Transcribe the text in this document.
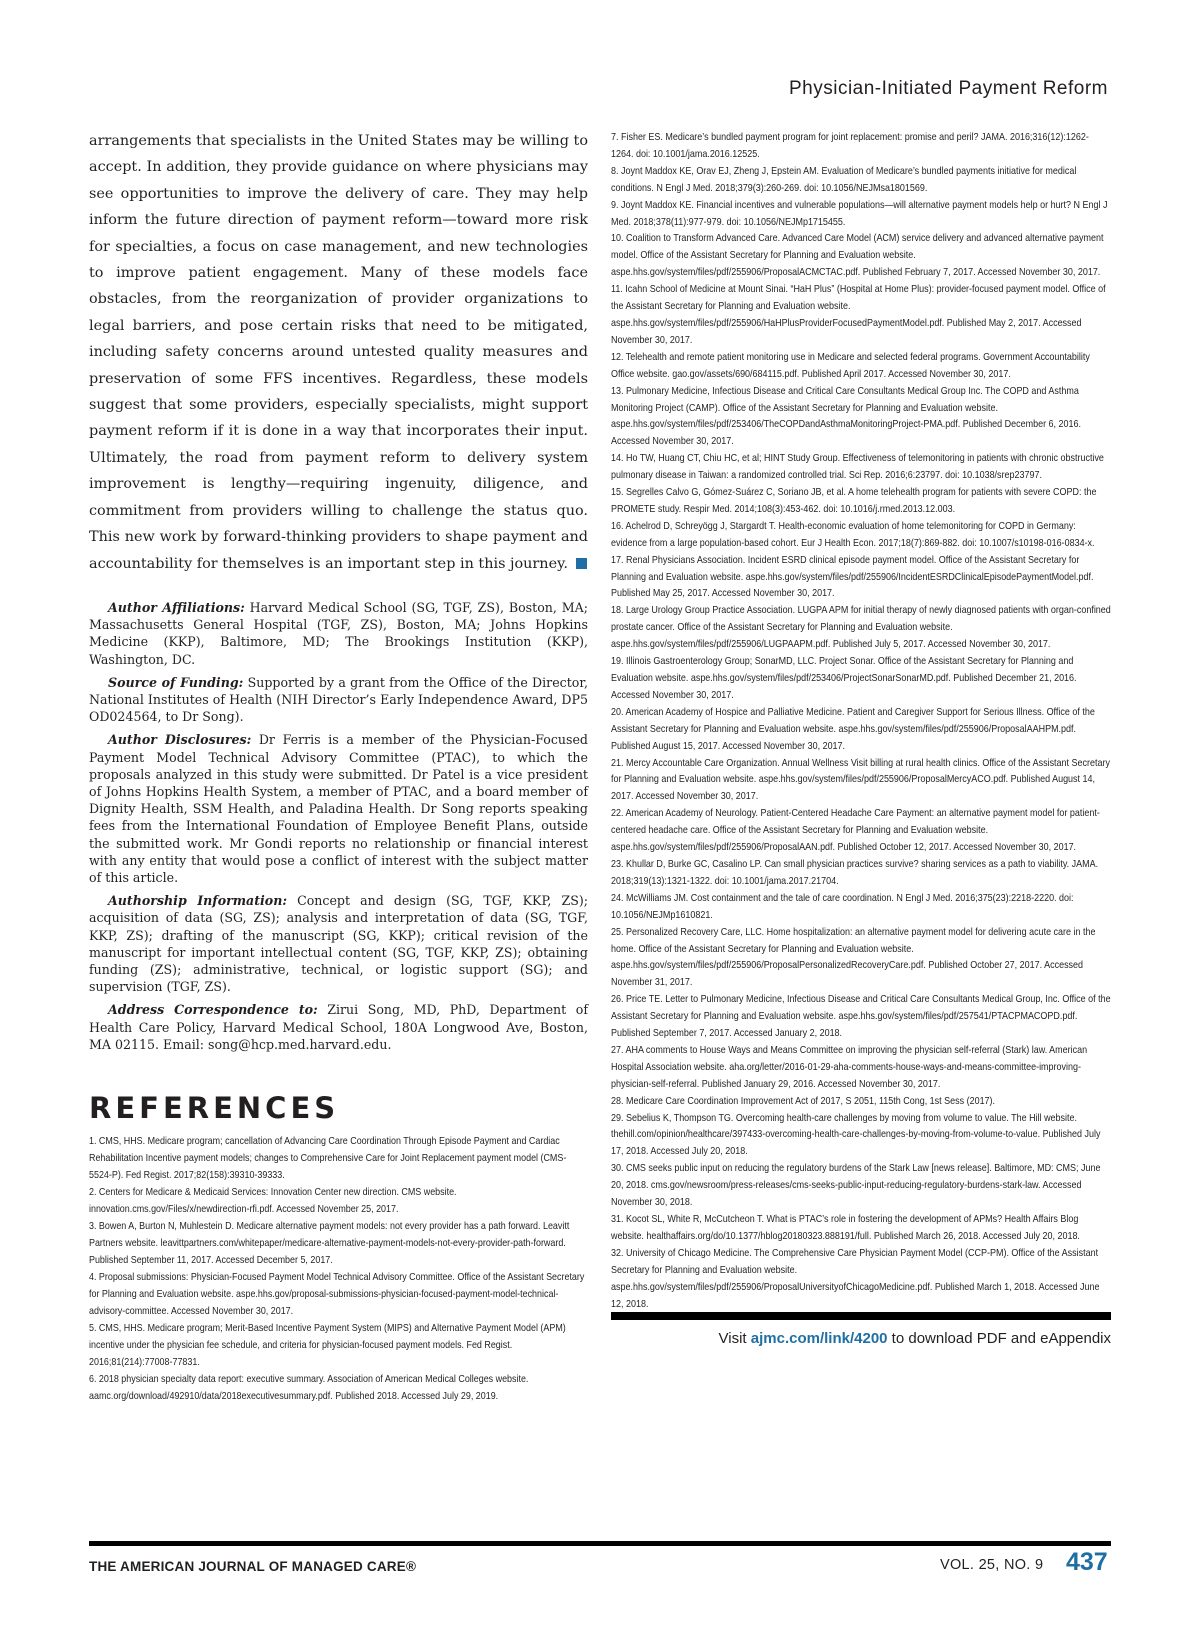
Physician-Initiated Payment Reform

arrangements that specialists in the United States may be willing to accept. In addition, they provide guidance on where physicians may see opportunities to improve the delivery of care. They may help inform the future direction of payment reform—toward more risk for specialties, a focus on case management, and new technologies to improve patient engagement. Many of these models face obstacles, from the reorganization of provider organizations to legal barriers, and pose certain risks that need to be mitigated, including safety concerns around untested quality measures and preservation of some FFS incentives. Regardless, these models suggest that some providers, especially specialists, might support payment reform if it is done in a way that incorporates their input. Ultimately, the road from payment reform to delivery system improvement is lengthy—requiring ingenuity, diligence, and commitment from providers willing to challenge the status quo. This new work by forward-thinking providers to shape payment and accountability for themselves is an important step in this journey.

Author Affiliations: Harvard Medical School (SG, TGF, ZS), Boston, MA; Massachusetts General Hospital (TGF, ZS), Boston, MA; Johns Hopkins Medicine (KKP), Baltimore, MD; The Brookings Institution (KKP), Washington, DC.

Source of Funding: Supported by a grant from the Office of the Director, National Institutes of Health (NIH Director’s Early Independence Award, DP5 OD024564, to Dr Song).

Author Disclosures: Dr Ferris is a member of the Physician-Focused Payment Model Technical Advisory Committee (PTAC), to which the proposals analyzed in this study were submitted. Dr Patel is a vice president of Johns Hopkins Health System, a member of PTAC, and a board member of Dignity Health, SSM Health, and Paladina Health. Dr Song reports speaking fees from the International Foundation of Employee Benefit Plans, outside the submitted work. Mr Gondi reports no relationship or financial interest with any entity that would pose a conflict of interest with the subject matter of this article.

Authorship Information: Concept and design (SG, TGF, KKP, ZS); acquisition of data (SG, ZS); analysis and interpretation of data (SG, TGF, KKP, ZS); drafting of the manuscript (SG, KKP); critical revision of the manuscript for important intellectual content (SG, TGF, KKP, ZS); obtaining funding (ZS); administrative, technical, or logistic support (SG); and supervision (TGF, ZS).

Address Correspondence to: Zirui Song, MD, PhD, Department of Health Care Policy, Harvard Medical School, 180A Longwood Ave, Boston, MA 02115. Email: song@hcp.med.harvard.edu.

REFERENCES
1. CMS, HHS. Medicare program; cancellation of Advancing Care Coordination Through Episode Payment and Cardiac Rehabilitation Incentive payment models; changes to Comprehensive Care for Joint Replacement payment model (CMS-5524-P). Fed Regist. 2017;82(158):39310-39333.
2. Centers for Medicare & Medicaid Services: Innovation Center new direction. CMS website. innovation.cms.gov/Files/x/newdirection-rfi.pdf. Accessed November 25, 2017.
3. Bowen A, Burton N, Muhlestein D. Medicare alternative payment models: not every provider has a path forward. Leavitt Partners website. leavittpartners.com/whitepaper/medicare-alternative-payment-models-not-every-provider-path-forward. Published September 11, 2017. Accessed December 5, 2017.
4. Proposal submissions: Physician-Focused Payment Model Technical Advisory Committee. Office of the Assistant Secretary for Planning and Evaluation website. aspe.hhs.gov/proposal-submissions-physician-focused-payment-model-technical-advisory-committee. Accessed November 30, 2017.
5. CMS, HHS. Medicare program; Merit-Based Incentive Payment System (MIPS) and Alternative Payment Model (APM) incentive under the physician fee schedule, and criteria for physician-focused payment models. Fed Regist. 2016;81(214):77008-77831.
6. 2018 physician specialty data report: executive summary. Association of American Medical Colleges website. aamc.org/download/492910/data/2018executivesummary.pdf. Published 2018. Accessed July 29, 2019.
7. Fisher ES. Medicare’s bundled payment program for joint replacement: promise and peril? JAMA. 2016;316(12):1262-1264. doi: 10.1001/jama.2016.12525.
8. Joynt Maddox KE, Orav EJ, Zheng J, Epstein AM. Evaluation of Medicare’s bundled payments initiative for medical conditions. N Engl J Med. 2018;379(3):260-269. doi: 10.1056/NEJMsa1801569.
9. Joynt Maddox KE. Financial incentives and vulnerable populations—will alternative payment models help or hurt? N Engl J Med. 2018;378(11):977-979. doi: 10.1056/NEJMp1715455.
10. Coalition to Transform Advanced Care. Advanced Care Model (ACM) service delivery and advanced alternative payment model. Office of the Assistant Secretary for Planning and Evaluation website. aspe.hhs.gov/system/files/pdf/255906/ProposalACMCTAC.pdf. Published February 7, 2017. Accessed November 30, 2017.
11. Icahn School of Medicine at Mount Sinai. “HaH Plus” (Hospital at Home Plus): provider-focused payment model. Office of the Assistant Secretary for Planning and Evaluation website. aspe.hhs.gov/system/files/pdf/255906/HaHPlusProviderFocusedPaymentModel.pdf. Published May 2, 2017. Accessed November 30, 2017.
12. Telehealth and remote patient monitoring use in Medicare and selected federal programs. Government Accountability Office website. gao.gov/assets/690/684115.pdf. Published April 2017. Accessed November 30, 2017.
13. Pulmonary Medicine, Infectious Disease and Critical Care Consultants Medical Group Inc. The COPD and Asthma Monitoring Project (CAMP). Office of the Assistant Secretary for Planning and Evaluation website. aspe.hhs.gov/system/files/pdf/253406/TheCOPDandAsthmaMonitoringProject-PMA.pdf. Published December 6, 2016. Accessed November 30, 2017.
14. Ho TW, Huang CT, Chiu HC, et al; HINT Study Group. Effectiveness of telemonitoring in patients with chronic obstructive pulmonary disease in Taiwan: a randomized controlled trial. Sci Rep. 2016;6:23797. doi: 10.1038/srep23797.
15. Segrelles Calvo G, Gómez-Suárez C, Soriano JB, et al. A home telehealth program for patients with severe COPD: the PROMETE study. Respir Med. 2014;108(3):453-462. doi: 10.1016/j.rmed.2013.12.003.
16. Achelrod D, Schreyögg J, Stargardt T. Health-economic evaluation of home telemonitoring for COPD in Germany: evidence from a large population-based cohort. Eur J Health Econ. 2017;18(7):869-882. doi: 10.1007/s10198-016-0834-x.
17. Renal Physicians Association. Incident ESRD clinical episode payment model. Office of the Assistant Secretary for Planning and Evaluation website. aspe.hhs.gov/system/files/pdf/255906/IncidentESRDClinicalEpisodePaymentModel.pdf. Published May 25, 2017. Accessed November 30, 2017.
18. Large Urology Group Practice Association. LUGPA APM for initial therapy of newly diagnosed patients with organ-confined prostate cancer. Office of the Assistant Secretary for Planning and Evaluation website. aspe.hhs.gov/system/files/pdf/255906/LUGPAAPM.pdf. Published July 5, 2017. Accessed November 30, 2017.
19. Illinois Gastroenterology Group; SonarMD, LLC. Project Sonar. Office of the Assistant Secretary for Planning and Evaluation website. aspe.hhs.gov/system/files/pdf/253406/ProjectSonarSonarMD.pdf. Published December 21, 2016. Accessed November 30, 2017.
20. American Academy of Hospice and Palliative Medicine. Patient and Caregiver Support for Serious Illness. Office of the Assistant Secretary for Planning and Evaluation website. aspe.hhs.gov/system/files/pdf/255906/ProposalAAHPM.pdf. Published August 15, 2017. Accessed November 30, 2017.
21. Mercy Accountable Care Organization. Annual Wellness Visit billing at rural health clinics. Office of the Assistant Secretary for Planning and Evaluation website. aspe.hhs.gov/system/files/pdf/255906/ProposalMercyACO.pdf. Published August 14, 2017. Accessed November 30, 2017.
22. American Academy of Neurology. Patient-Centered Headache Care Payment: an alternative payment model for patient-centered headache care. Office of the Assistant Secretary for Planning and Evaluation website. aspe.hhs.gov/system/files/pdf/255906/ProposalAAN.pdf. Published October 12, 2017. Accessed November 30, 2017.
23. Khullar D, Burke GC, Casalino LP. Can small physician practices survive? sharing services as a path to viability. JAMA. 2018;319(13):1321-1322. doi: 10.1001/jama.2017.21704.
24. McWilliams JM. Cost containment and the tale of care coordination. N Engl J Med. 2016;375(23):2218-2220. doi: 10.1056/NEJMp1610821.
25. Personalized Recovery Care, LLC. Home hospitalization: an alternative payment model for delivering acute care in the home. Office of the Assistant Secretary for Planning and Evaluation website. aspe.hhs.gov/system/files/pdf/255906/ProposalPersonalizedRecoveryCare.pdf. Published October 27, 2017. Accessed November 31, 2017.
26. Price TE. Letter to Pulmonary Medicine, Infectious Disease and Critical Care Consultants Medical Group, Inc. Office of the Assistant Secretary for Planning and Evaluation website. aspe.hhs.gov/system/files/pdf/257541/PTACPMACOPD.pdf. Published September 7, 2017. Accessed January 2, 2018.
27. AHA comments to House Ways and Means Committee on improving the physician self-referral (Stark) law. American Hospital Association website. aha.org/letter/2016-01-29-aha-comments-house-ways-and-means-committee-improving-physician-self-referral. Published January 29, 2016. Accessed November 30, 2017.
28. Medicare Care Coordination Improvement Act of 2017, S 2051, 115th Cong, 1st Sess (2017).
29. Sebelius K, Thompson TG. Overcoming health-care challenges by moving from volume to value. The Hill website. thehill.com/opinion/healthcare/397433-overcoming-health-care-challenges-by-moving-from-volume-to-value. Published July 17, 2018. Accessed July 20, 2018.
30. CMS seeks public input on reducing the regulatory burdens of the Stark Law [news release]. Baltimore, MD: CMS; June 20, 2018. cms.gov/newsroom/press-releases/cms-seeks-public-input-reducing-regulatory-burdens-stark-law. Accessed November 30, 2018.
31. Kocot SL, White R, McCutcheon T. What is PTAC’s role in fostering the development of APMs? Health Affairs Blog website. healthaffairs.org/do/10.1377/hblog20180323.888191/full. Published March 26, 2018. Accessed July 20, 2018.
32. University of Chicago Medicine. The Comprehensive Care Physician Payment Model (CCP-PM). Office of the Assistant Secretary for Planning and Evaluation website. aspe.hhs.gov/system/files/pdf/255906/ProposalUniversityofChicagoMedicine.pdf. Published March 1, 2018. Accessed June 12, 2018.
Visit ajmc.com/link/4200 to download PDF and eAppendix
THE AMERICAN JOURNAL OF MANAGED CARE®	VOL. 25, NO. 9 437
